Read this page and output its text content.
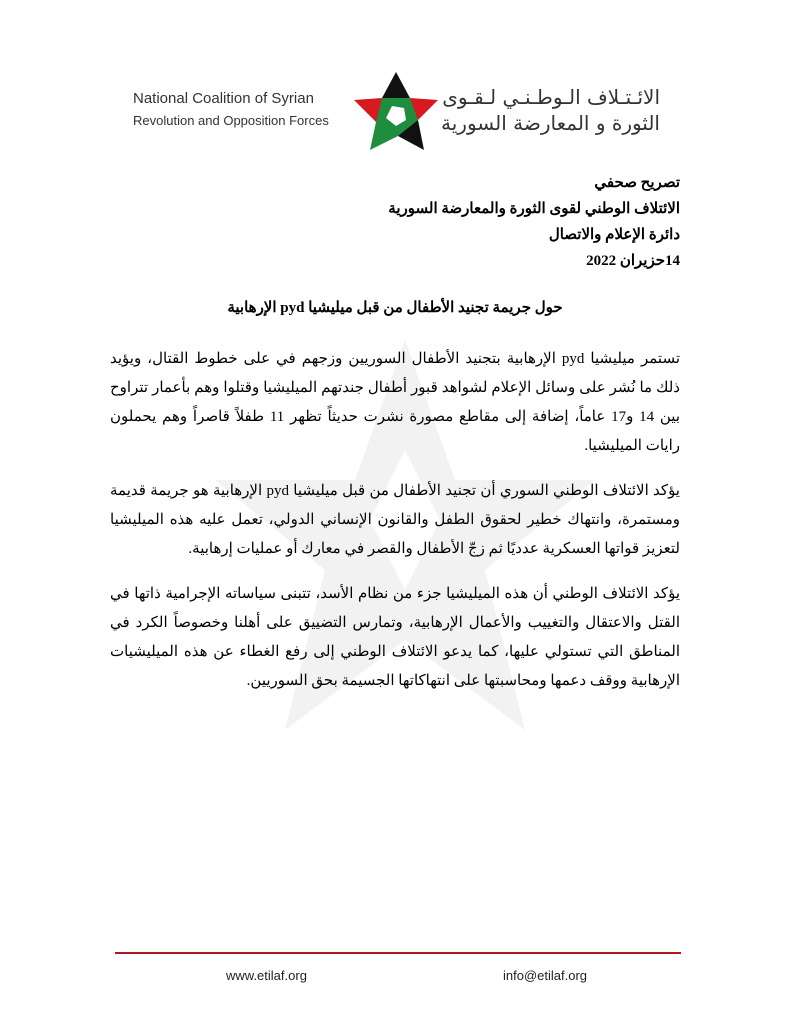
National Coalition of Syrian
Revolution and Opposition Forces
الائـتـلاف الـوطـنـي لـقـوى
الثورة و المعارضة السورية
تصريح صحفي
الائتلاف الوطني لقوى الثورة والمعارضة السورية
دائرة الإعلام والاتصال
14حزيران 2022
حول جريمة تجنيد الأطفال من قبل ميليشيا pyd الإرهابية

تستمر ميليشيا pyd الإرهابية بتجنيد الأطفال السوريين وزجهم في على خطوط القتال، ويؤيد ذلك ما نُشر على وسائل الإعلام لشواهد قبور أطفال جندتهم الميليشيا وقتلوا وهم بأعمار تتراوح بين 14 و17 عاماً، إضافة إلى مقاطع مصورة نشرت حديثاً تظهر 11 طفلاً قاصراً وهم يحملون رايات الميليشيا.

يؤكد الائتلاف الوطني السوري أن تجنيد الأطفال من قبل ميليشيا pyd الإرهابية هو جريمة قديمة ومستمرة، وانتهاك خطير لحقوق الطفل والقانون الإنساني الدولي، تعمل عليه هذه الميليشيا لتعزيز قواتها العسكرية عدديًا ثم زجّ الأطفال والقصر في معارك أو عمليات إرهابية.

يؤكد الائتلاف الوطني أن هذه الميليشيا جزء من نظام الأسد، تتبنى سياساته الإجرامية ذاتها في القتل والاعتقال والتغييب والأعمال الإرهابية، وتمارس التضييق على أهلنا وخصوصاً الكرد في المناطق التي تستولي عليها، كما يدعو الائتلاف الوطني إلى رفع الغطاء عن هذه الميليشيات الإرهابية ووقف دعمها ومحاسبتها على انتهاكاتها الجسيمة بحق السوريين.

www.etilaf.org	info@etilaf.org
